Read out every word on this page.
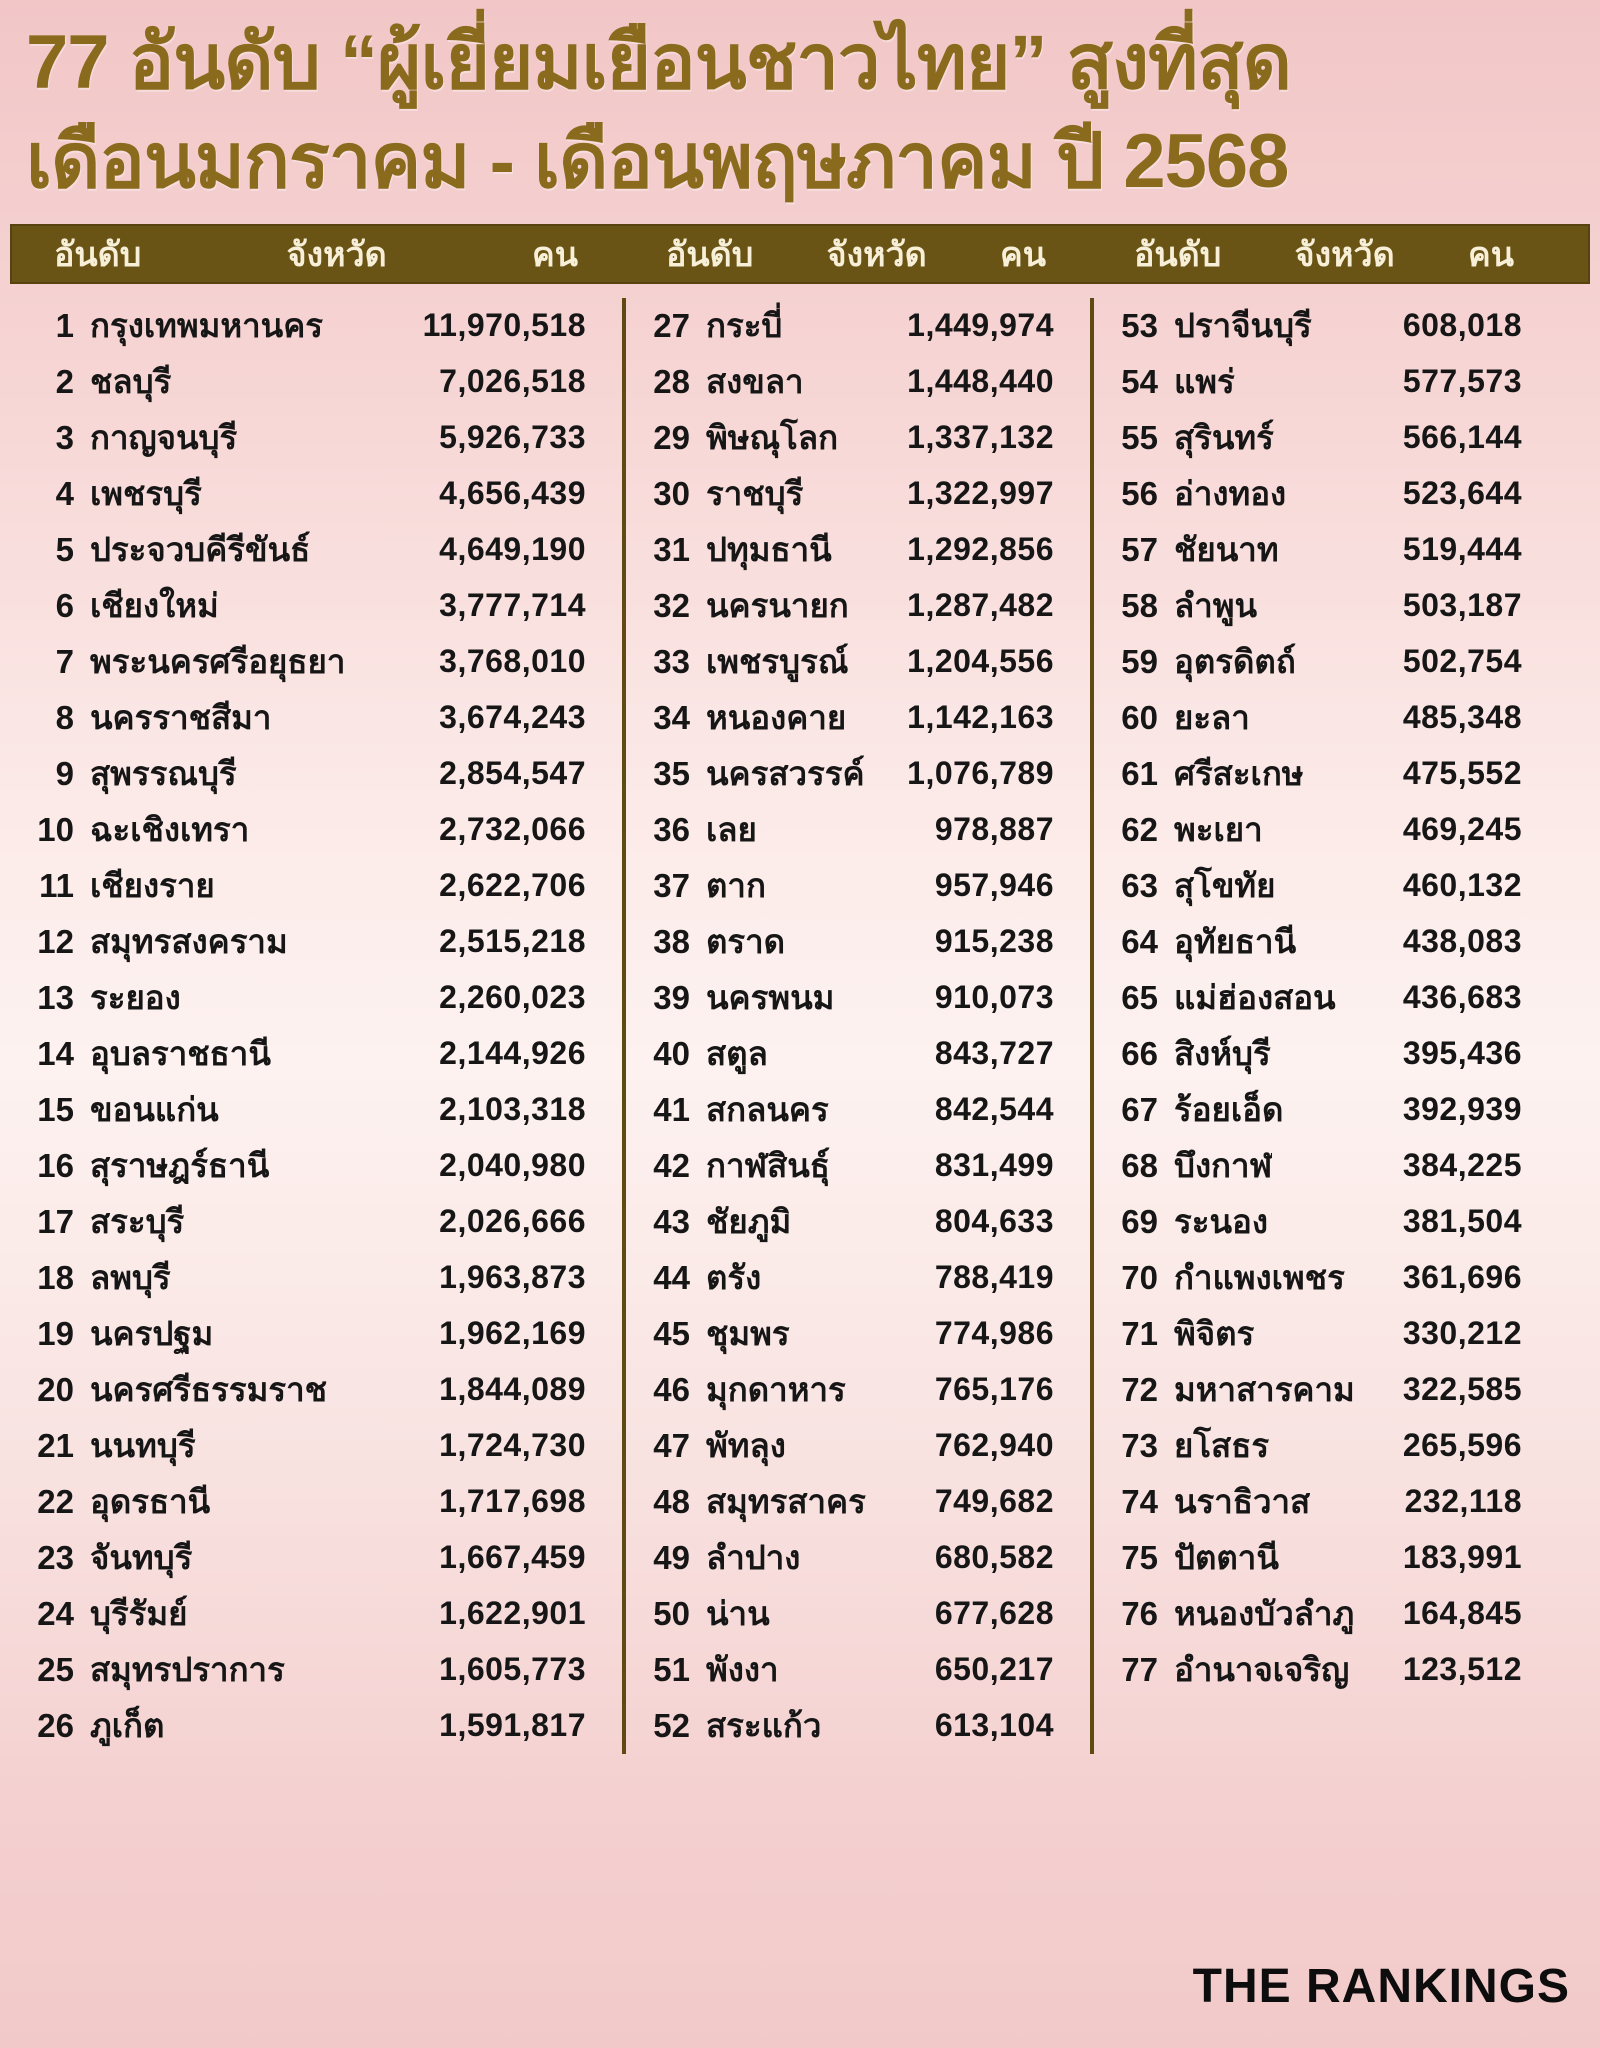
77 อันดับ “ผู้เยี่ยมเยือนชาวไทย” สูงที่สุด
เดือนมกราคม - เดือนพฤษภาคม ปี 2568
อันดับ	จังหวัด	คน	อันดับ	จังหวัด	คน	อันดับ	จังหวัด	คน
1 กรุงเทพมหานคร	11,970,518
2 ชลบุรี	7,026,518
3 กาญจนบุรี	5,926,733
4 เพชรบุรี	4,656,439
5 ประจวบคีรีขันธ์	4,649,190
6 เชียงใหม่	3,777,714
7 พระนครศรีอยุธยา	3,768,010
8 นครราชสีมา	3,674,243
9 สุพรรณบุรี	2,854,547
10 ฉะเชิงเทรา	2,732,066
11 เชียงราย	2,622,706
12 สมุทรสงคราม	2,515,218
13 ระยอง	2,260,023
14 อุบลราชธานี	2,144,926
15 ขอนแก่น	2,103,318
16 สุราษฎร์ธานี	2,040,980
17 สระบุรี	2,026,666
18 ลพบุรี	1,963,873
19 นครปฐม	1,962,169
20 นครศรีธรรมราช	1,844,089
21 นนทบุรี	1,724,730
22 อุดรธานี	1,717,698
23 จันทบุรี	1,667,459
24 บุรีรัมย์	1,622,901
25 สมุทรปราการ	1,605,773
26 ภูเก็ต	1,591,817
27 กระบี่	1,449,974
28 สงขลา	1,448,440
29 พิษณุโลก 1,337,132
30 ราชบุรี	1,322,997
31 ปทุมธานี 1,292,856
32 นครนายก 1,287,482
33 เพชรบูรณ์ 1,204,556
34 หนองคาย 1,142,163
35 นครสวรรค์ 1,076,789
36 เลย	978,887
37 ตาก	957,946
38 ตราด	915,238
39 นครพนม	910,073
40 สตูล	843,727
41 สกลนคร	842,544
42 กาฬสินธุ์	831,499
43 ชัยภูมิ	804,633
44 ตรัง	788,419
45 ชุมพร	774,986
46 มุกดาหาร	765,176
47 พัทลุง	762,940
48 สมุทรสาคร 749,682
49 ลำปาง	680,582
50 น่าน	677,628
51 พังงา	650,217
52 สระแก้ว	613,104
53 ปราจีนบุรี	608,018
54 แพร่	577,573
55 สุรินทร์	566,144
56 อ่างทอง	523,644
57 ชัยนาท	519,444
58 ลำพูน	503,187
59 อุตรดิตถ์	502,754
60 ยะลา	485,348
61 ศรีสะเกษ	475,552
62 พะเยา	469,245
63 สุโขทัย	460,132
64 อุทัยธานี	438,083
65 แม่ฮ่องสอน 436,683
66 สิงห์บุรี	395,436
67 ร้อยเอ็ด	392,939
68 บึงกาฬ	384,225
69 ระนอง	381,504
70 กำแพงเพชร 361,696
71 พิจิตร	330,212
72 มหาสารคาม 322,585
73 ยโสธร	265,596
74 นราธิวาส	232,118
75 ปัตตานี	183,991
76 หนองบัวลำภู 164,845
77 อำนาจเจริญ 123,512
THE RANKINGS
